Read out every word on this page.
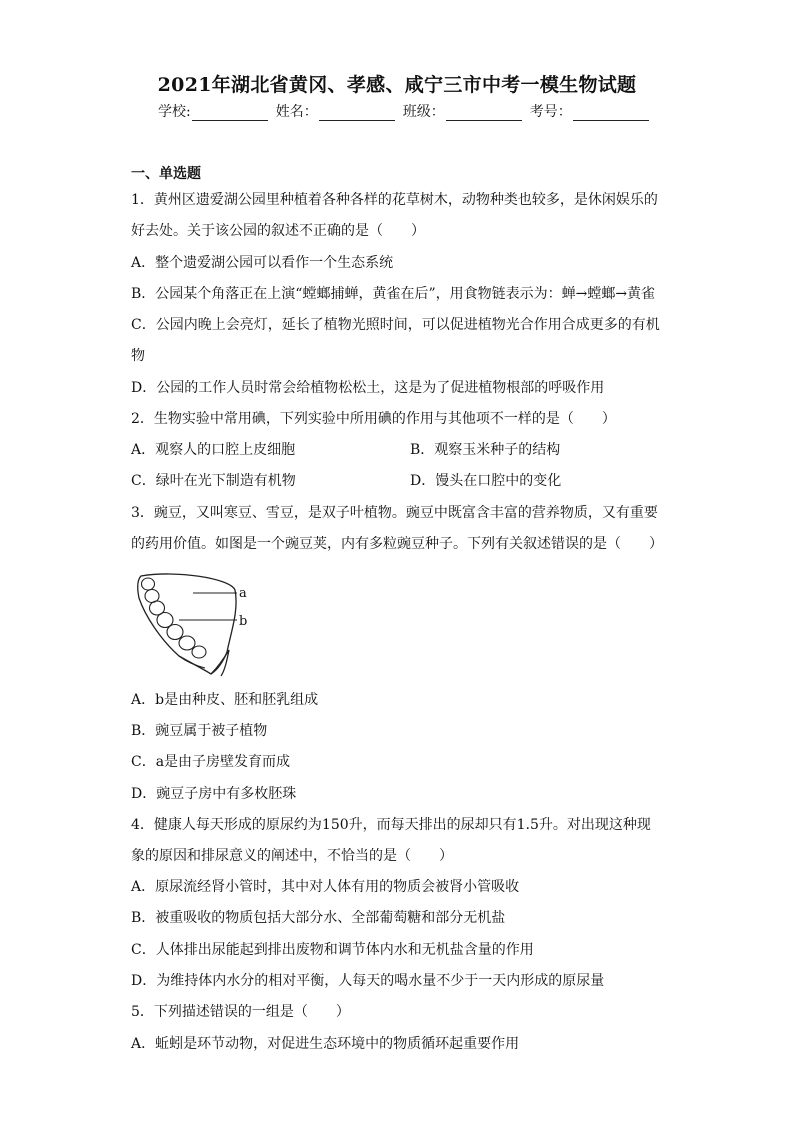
2021年湖北省黄冈、孝感、咸宁三市中考一模生物试题
学校:	姓名：	班级：	考号：
一、单选题
1．黄州区遗爱湖公园里种植着各种各样的花草树木，动物种类也较多，是休闲娱乐的
好去处。关于该公园的叙述不正确的是（　　）
A．整个遗爱湖公园可以看作一个生态系统
B．公园某个角落正在上演“螳螂捕蝉，黄雀在后”，用食物链表示为：蝉→螳螂→黄雀
C．公园内晚上会亮灯，延长了植物光照时间，可以促进植物光合作用合成更多的有机
物
D．公园的工作人员时常会给植物松松土，这是为了促进植物根部的呼吸作用
2．生物实验中常用碘，下列实验中所用碘的作用与其他项不一样的是（　　）
A．观察人的口腔上皮细胞	B．观察玉米种子的结构
C．绿叶在光下制造有机物	D．馒头在口腔中的变化
3．豌豆，又叫寒豆、雪豆，是双子叶植物。豌豆中既富含丰富的营养物质，又有重要
的药用价值。如图是一个豌豆荚，内有多粒豌豆种子。下列有关叙述错误的是（　　）
a
b
A．b是由种皮、胚和胚乳组成
B．豌豆属于被子植物
C．a是由子房壁发育而成
D．豌豆子房中有多枚胚珠
4．健康人每天形成的原尿约为150升，而每天排出的尿却只有1.5升。对出现这种现
象的原因和排尿意义的阐述中，不恰当的是（　　）
A．原尿流经肾小管时，其中对人体有用的物质会被肾小管吸收
B．被重吸收的物质包括大部分水、全部葡萄糖和部分无机盐
C．人体排出尿能起到排出废物和调节体内水和无机盐含量的作用
D．为维持体内水分的相对平衡，人每天的喝水量不少于一天内形成的原尿量
5．下列描述错误的一组是（　　）
A．蚯蚓是环节动物，对促进生态环境中的物质循环起重要作用
